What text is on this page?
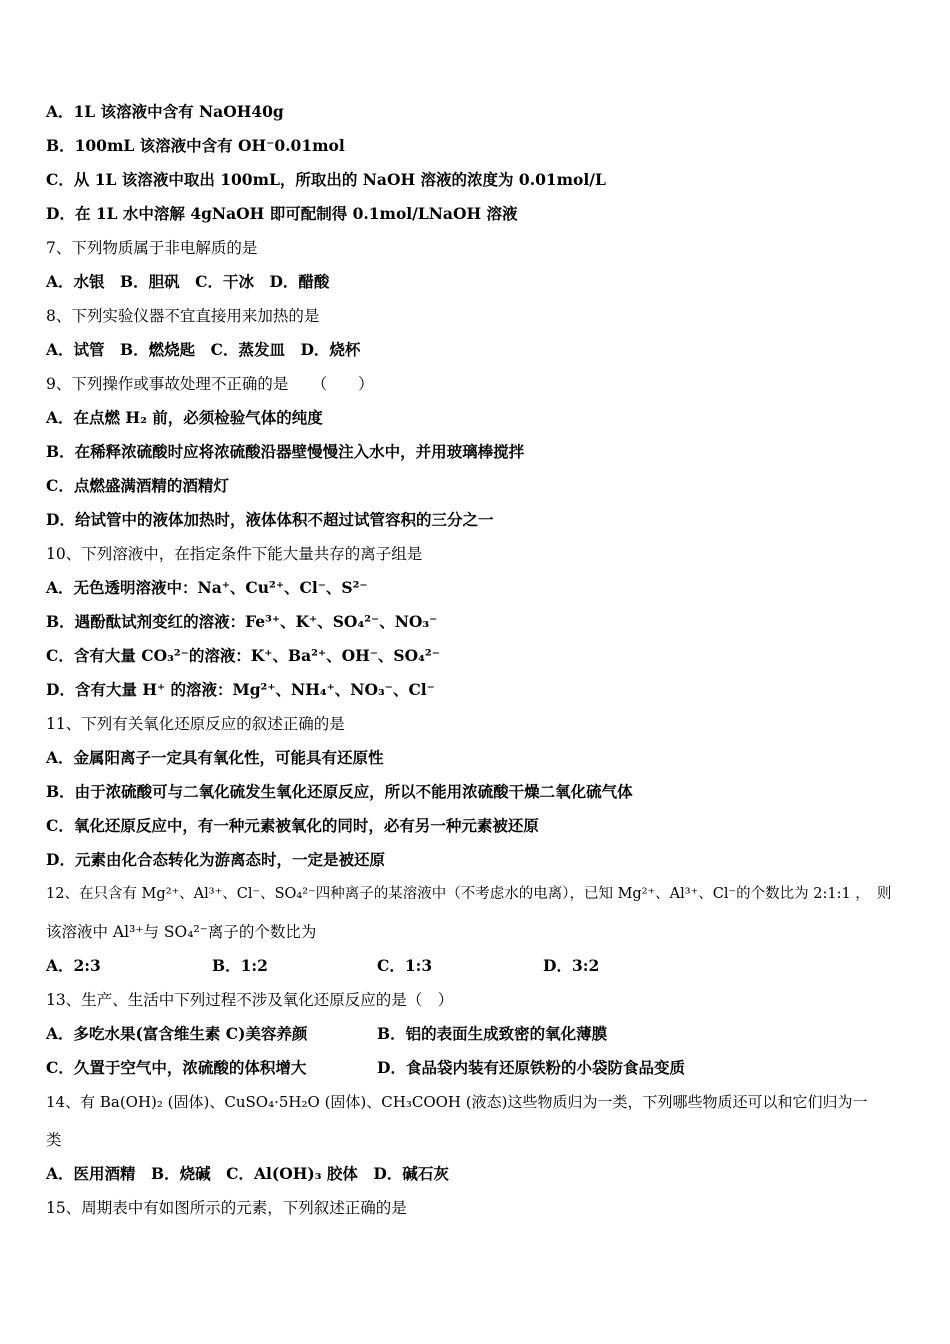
A．1L 该溶液中含有 NaOH40g
B．100mL 该溶液中含有 OH⁻0.01mol
C．从 1L 该溶液中取出 100mL，所取出的 NaOH 溶液的浓度为 0.01mol/L
D．在 1L 水中溶解 4gNaOH 即可配制得 0.1mol/LNaOH 溶液
7、下列物质属于非电解质的是
A．水银　B．胆矾　C．干冰　D．醋酸
8、下列实验仪器不宜直接用来加热的是
A．试管　B．燃烧匙　C．蒸发皿　D．烧杯
9、下列操作或事故处理不正确的是　　（　　）
A．在点燃 H₂ 前，必须检验气体的纯度
B．在稀释浓硫酸时应将浓硫酸沿器壁慢慢注入水中，并用玻璃棒搅拌
C．点燃盛满酒精的酒精灯
D．给试管中的液体加热时，液体体积不超过试管容积的三分之一
10、下列溶液中，在指定条件下能大量共存的离子组是
A．无色透明溶液中：Na⁺、Cu²⁺、Cl⁻、S²⁻
B．遇酚酞试剂变红的溶液：Fe³⁺、K⁺、SO₄²⁻、NO₃⁻
C．含有大量 CO₃²⁻的溶液：K⁺、Ba²⁺、OH⁻、SO₄²⁻
D．含有大量 H⁺ 的溶液：Mg²⁺、NH₄⁺、NO₃⁻、Cl⁻
11、下列有关氧化还原反应的叙述正确的是
A．金属阳离子一定具有氧化性，可能具有还原性
B．由于浓硫酸可与二氧化硫发生氧化还原反应，所以不能用浓硫酸干燥二氧化硫气体
C．氧化还原反应中，有一种元素被氧化的同时，必有另一种元素被还原
D．元素由化合态转化为游离态时，一定是被还原
12、在只含有 Mg²⁺、Al³⁺、Cl⁻、SO₄²⁻四种离子的某溶液中（不考虑水的电离），已知 Mg²⁺、Al³⁺、Cl⁻的个数比为 2:1:1 ，　则
该溶液中 Al³⁺与 SO₄²⁻离子的个数比为
A．2:3	B．1:2	C．1:3	D．3:2
13、生产、生活中下列过程不涉及氧化还原反应的是（　）
A．多吃水果(富含维生素 C)美容养颜	B．铝的表面生成致密的氧化薄膜
C．久置于空气中，浓硫酸的体积增大	D．食品袋内装有还原铁粉的小袋防食品变质
14、有 Ba(OH)₂ (固体)、CuSO₄·5H₂O (固体)、CH₃COOH (液态)这些物质归为一类，下列哪些物质还可以和它们归为一
类
A．医用酒精　B．烧碱　C．Al(OH)₃ 胶体　D．碱石灰
15、周期表中有如图所示的元素，下列叙述正确的是
